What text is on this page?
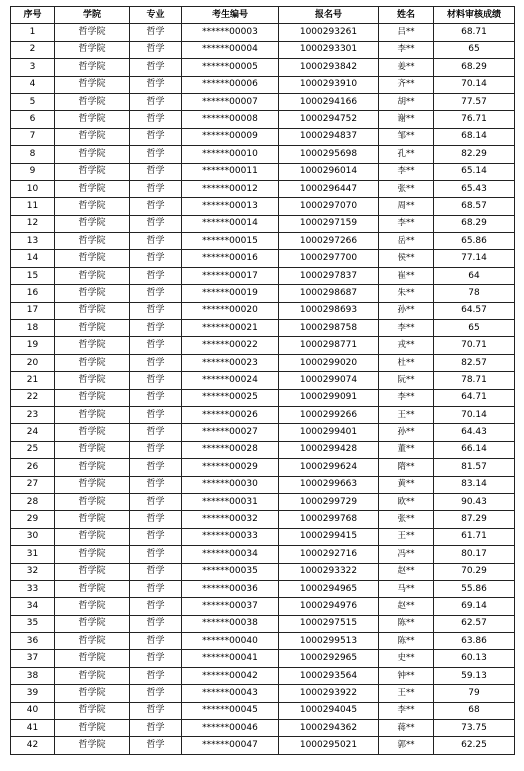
序号	学院	专业	考生编号	报名号	姓名	材料审核成绩
1	哲学院	哲学	******00003	1000293261	吕**	68.71
2	哲学院	哲学	******00004	1000293301	李**	65
3	哲学院	哲学	******00005	1000293842	姜**	68.29
4	哲学院	哲学	******00006	1000293910	齐**	70.14
5	哲学院	哲学	******00007	1000294166	胡**	77.57
6	哲学院	哲学	******00008	1000294752	谢**	76.71
7	哲学院	哲学	******00009	1000294837	邹**	68.14
8	哲学院	哲学	******00010	1000295698	孔**	82.29
9	哲学院	哲学	******00011	1000296014	李**	65.14
10	哲学院	哲学	******00012	1000296447	张**	65.43
11	哲学院	哲学	******00013	1000297070	周**	68.57
12	哲学院	哲学	******00014	1000297159	李**	68.29
13	哲学院	哲学	******00015	1000297266	岳**	65.86
14	哲学院	哲学	******00016	1000297700	侯**	77.14
15	哲学院	哲学	******00017	1000297837	崔**	64
16	哲学院	哲学	******00019	1000298687	朱**	78
17	哲学院	哲学	******00020	1000298693	孙**	64.57
18	哲学院	哲学	******00021	1000298758	李**	65
19	哲学院	哲学	******00022	1000298771	戎**	70.71
20	哲学院	哲学	******00023	1000299020	杜**	82.57
21	哲学院	哲学	******00024	1000299074	阮**	78.71
22	哲学院	哲学	******00025	1000299091	李**	64.71
23	哲学院	哲学	******00026	1000299266	王**	70.14
24	哲学院	哲学	******00027	1000299401	孙**	64.43
25	哲学院	哲学	******00028	1000299428	董**	66.14
26	哲学院	哲学	******00029	1000299624	隋**	81.57
27	哲学院	哲学	******00030	1000299663	黄**	83.14
28	哲学院	哲学	******00031	1000299729	欧**	90.43
29	哲学院	哲学	******00032	1000299768	张**	87.29
30	哲学院	哲学	******00033	1000299415	王**	61.71
31	哲学院	哲学	******00034	1000292716	冯**	80.17
32	哲学院	哲学	******00035	1000293322	赵**	70.29
33	哲学院	哲学	******00036	1000294965	马**	55.86
34	哲学院	哲学	******00037	1000294976	赵**	69.14
35	哲学院	哲学	******00038	1000297515	陈**	62.57
36	哲学院	哲学	******00040	1000299513	陈**	63.86
37	哲学院	哲学	******00041	1000292965	史**	60.13
38	哲学院	哲学	******00042	1000293564	钟**	59.13
39	哲学院	哲学	******00043	1000293922	王**	79
40	哲学院	哲学	******00045	1000294045	李**	68
41	哲学院	哲学	******00046	1000294362	蒋**	73.75
42	哲学院	哲学	******00047	1000295021	郭**	62.25
